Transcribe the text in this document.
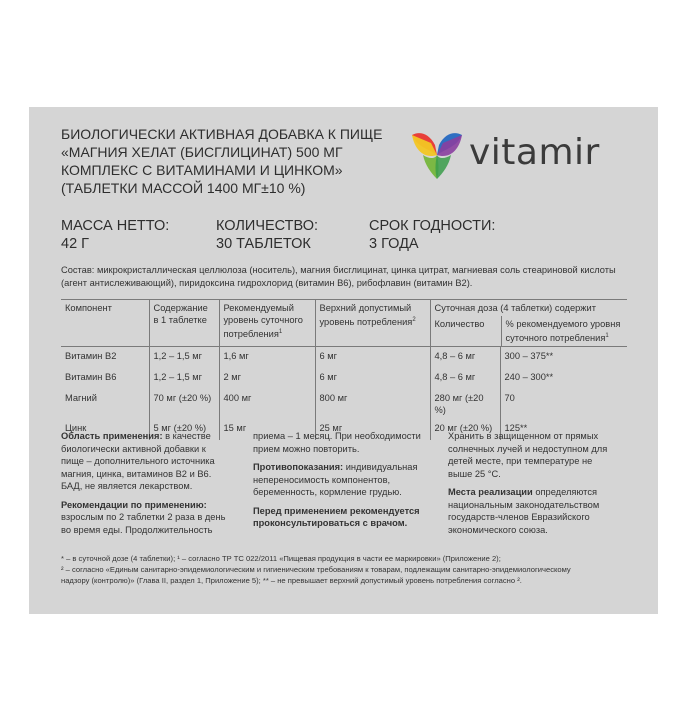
БИОЛОГИЧЕСКИ АКТИВНАЯ ДОБАВКА К ПИЩЕ
«МАГНИЯ ХЕЛАТ (БИСГЛИЦИНАТ) 500 МГ
КОМПЛЕКС С ВИТАМИНАМИ И ЦИНКОМ»
(ТАБЛЕТКИ МАССОЙ 1400 МГ±10 %)
vitamir
МАССА НЕТТО:
42 Г
КОЛИЧЕСТВО:
30 ТАБЛЕТОК
СРОК ГОДНОСТИ:
3 ГОДА
Состав: микрокристаллическая целлюлоза (носитель), магния бисглицинат, цинка цитрат, магниевая соль стеариновой кислоты (агент антислеживающий), пиридоксина гидрохлорид (витамин В6), рибофлавин (витамин В2).
Компонент	Содержание в 1 таблетке	Рекомендуемый уровень суточного потребления$^1$	Верхний допустимый уровень потребления$^2$	Суточная доза (4 таблетки) содержит
Количество % рекомендуемого уровня суточного потребления$^1$

Витамин В2	1,2 – 1,5 мг	1,6 мг	6 мг	4,8 – 6 мг	300 – 375**
Витамин В6	1,2 – 1,5 мг	2 мг	6 мг	4,8 – 6 мг	240 – 300**
Магний	70 мг (±20 %)	400 мг	800 мг	280 мг (±20 %)	70
Цинк	5 мг (±20 %)	15 мг	25 мг	20 мг (±20 %)	125**

Область применения: в качестве биологически активной добавки к пище – дополнительного источника магния, цинка, витаминов В2 и В6. БАД, не является лекарством.

Рекомендации по применению: взрослым по 2 таблетки 2 раза в день во время еды. Продолжительность

приема – 1 месяц. При необходимости прием можно повторить.

Противопоказания: индивидуальная непереносимость компонентов, беременность, кормление грудью.

Перед применением рекомендуется проконсультироваться с врачом.

Хранить в защищенном от прямых солнечных лучей и недоступном для детей месте, при температуре не выше 25 °С.

Места реализации определяются национальным законодательством государств-членов Евразийского экономического союза.

* – в суточной дозе (4 таблетки); ¹ – согласно ТР ТС 022/2011 «Пищевая продукция в части ее маркировки» (Приложение 2);
² – согласно «Единым санитарно-эпидемиологическим и гигиеническим требованиям к товарам, подлежащим санитарно-эпидемиологическому
надзору (контролю)» (Глава II, раздел 1, Приложение 5); ** – не превышает верхний допустимый уровень потребления согласно ².
